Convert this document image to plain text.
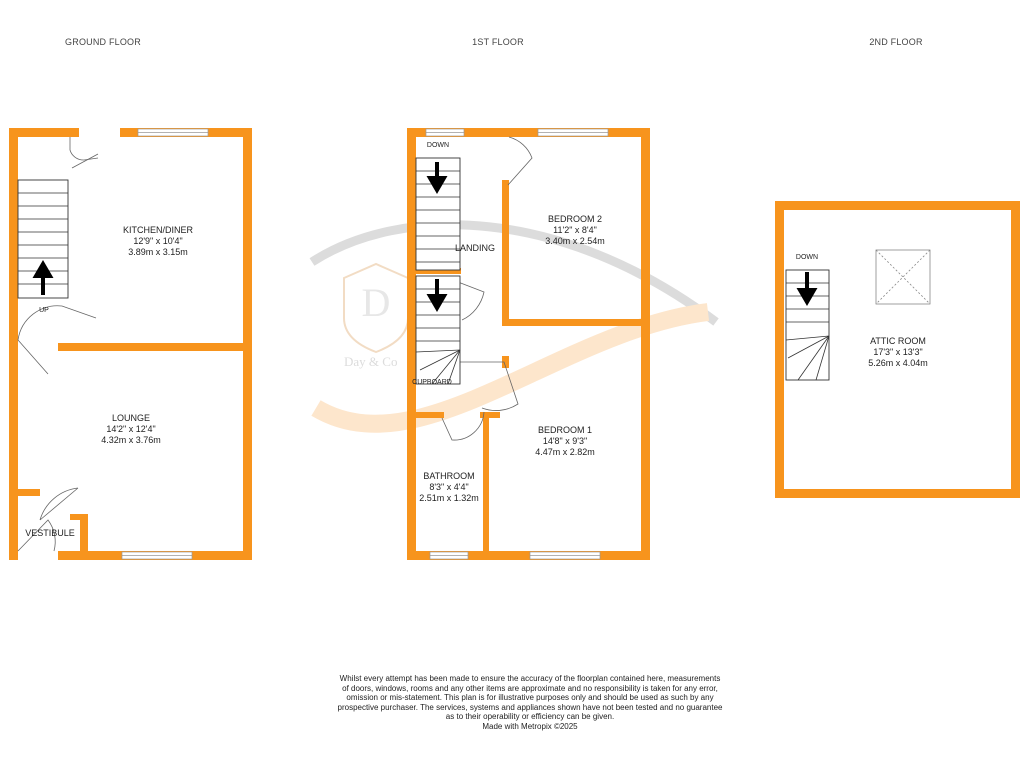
D
Day & Co
GROUND FLOOR	1ST FLOOR	2ND FLOOR
UP
KITCHEN/DINER
12'9" x 10'4"
3.89m x 3.15m
LOUNGE
14'2" x 12'4"
4.32m x 3.76m
VESTIBULE
DOWN
LANDING
BEDROOM 2
11'2" x 8'4"
3.40m x 2.54m
BEDROOM 1
14'8" x 9'3"
4.47m x 2.82m
BATHROOM
8'3" x 4'4"
2.51m x 1.32m
CUPBOARD
DOWN
ATTIC ROOM
17'3" x 13'3"
5.26m x 4.04m
Whilst every attempt has been made to ensure the accuracy of the floorplan contained here, measurements
of doors, windows, rooms and any other items are approximate and no responsibility is taken for any error,
omission or mis-statement. This plan is for illustrative purposes only and should be used as such by any
prospective purchaser. The services, systems and appliances shown have not been tested and no guarantee
as to their operability or efficiency can be given.
Made with Metropix ©2025
